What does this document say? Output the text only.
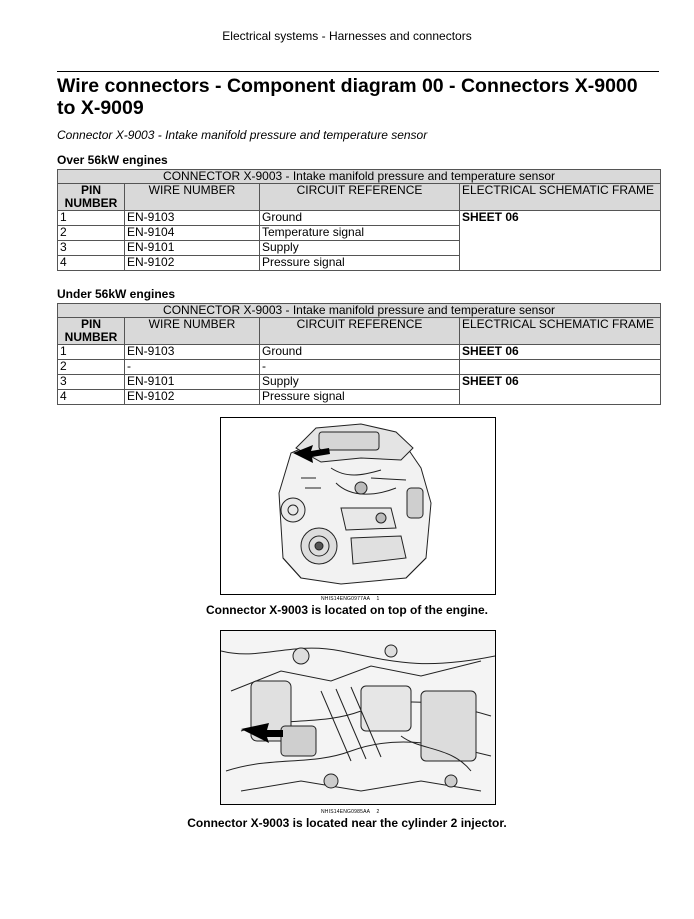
Electrical systems - Harnesses and connectors
Wire connectors - Component diagram 00 - Connectors X-9000 to X-9009
Connector X-9003 - Intake manifold pressure and temperature sensor
Over 56kW engines
CONNECTOR X-9003 - Intake manifold pressure and temperature sensor			
PIN NUMBER	WIRE NUMBER	CIRCUIT REFERENCE	ELECTRICAL SCHEMATIC FRAME
1	EN-9103	Ground	SHEET 06
2	EN-9104	Temperature signal	
3	EN-9101	Supply	
4	EN-9102	Pressure signal	
Under 56kW engines
CONNECTOR X-9003 - Intake manifold pressure and temperature sensor			
PIN NUMBER	WIRE NUMBER	CIRCUIT REFERENCE	ELECTRICAL SCHEMATIC FRAME
1	EN-9103	Ground	SHEET 06
2	-	-	
3	EN-9101	Supply	SHEET 06
4	EN-9102	Pressure signal	
NHIS14ENG0977AA 1
Connector X-9003 is located on top of the engine.
NHIS14ENG0985AA 2
Connector X-9003 is located near the cylinder 2 injector.
